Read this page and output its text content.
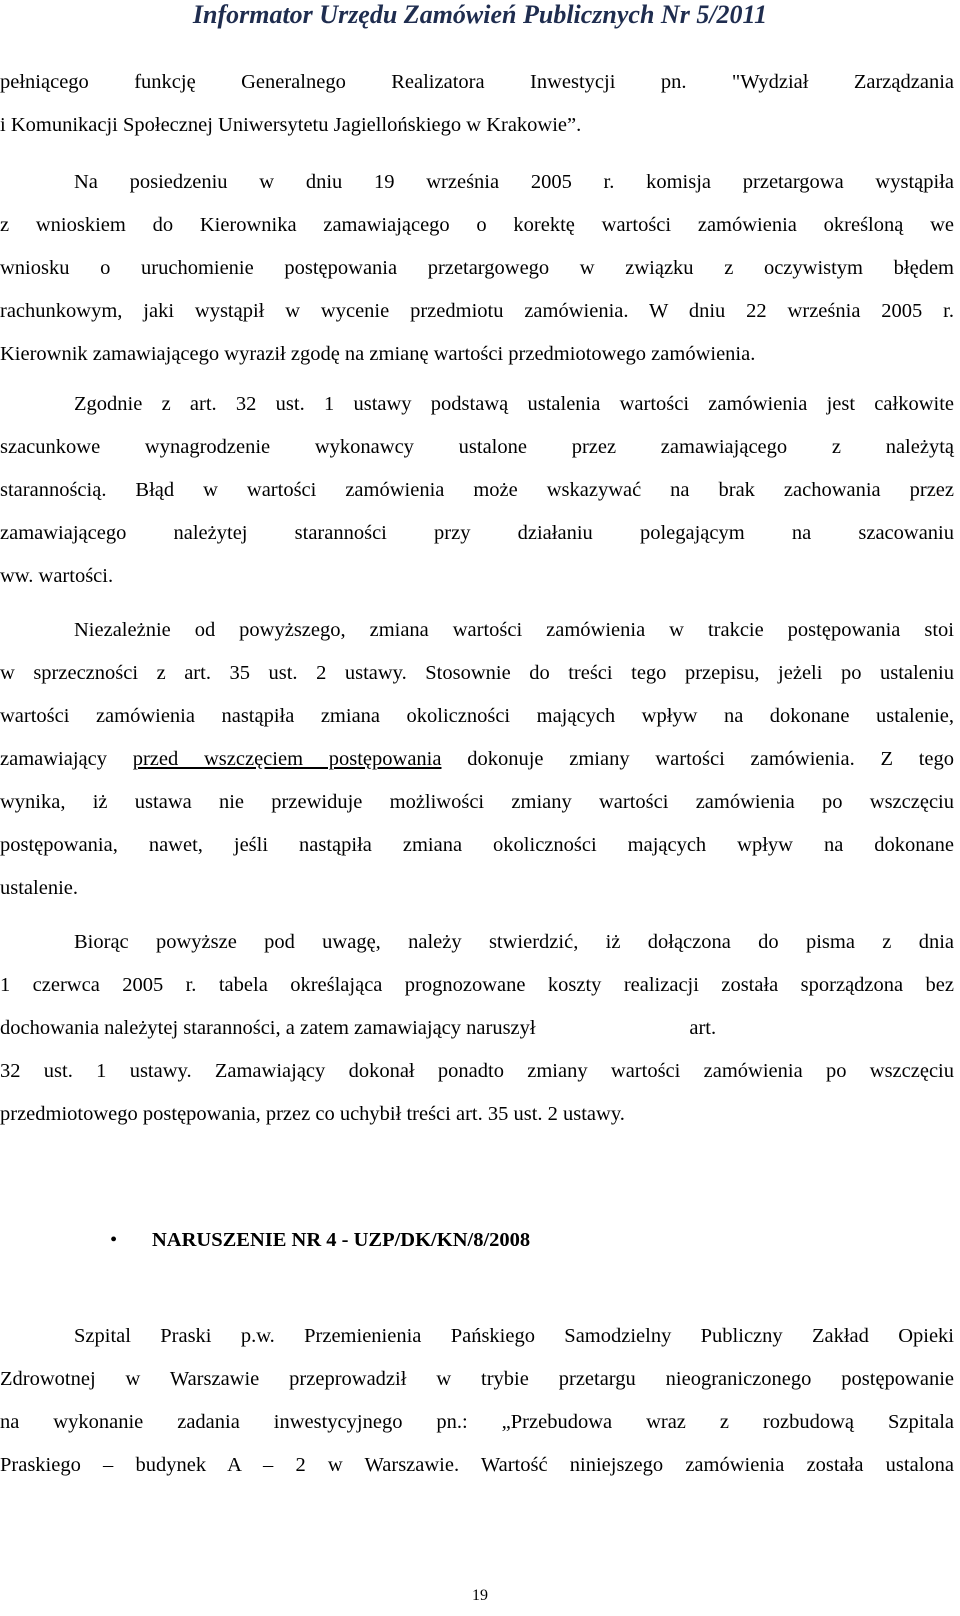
Informator Urzędu Zamówień Publicznych Nr 5/2011
pełniącego funkcję Generalnego Realizatora Inwestycji pn. "Wydział Zarządzania
i Komunikacji Społecznej Uniwersytetu Jagiellońskiego w Krakowie”.
Na posiedzeniu w dniu 19 września 2005 r. komisja przetargowa wystąpiła
z wnioskiem do Kierownika zamawiającego o korektę wartości zamówienia określoną we
wniosku o uruchomienie postępowania przetargowego w związku z oczywistym błędem
rachunkowym, jaki wystąpił w wycenie przedmiotu zamówienia. W dniu 22 września 2005 r.
Kierownik zamawiającego wyraził zgodę na zmianę wartości przedmiotowego zamówienia.
Zgodnie z art. 32 ust. 1 ustawy podstawą ustalenia wartości zamówienia jest całkowite
szacunkowe wynagrodzenie wykonawcy ustalone przez zamawiającego z należytą
starannością. Błąd w wartości zamówienia może wskazywać na brak zachowania przez
zamawiającego należytej staranności przy działaniu polegającym na szacowaniu
ww. wartości.
Niezależnie od powyższego, zmiana wartości zamówienia w trakcie postępowania stoi
w sprzeczności z art. 35 ust. 2 ustawy. Stosownie do treści tego przepisu, jeżeli po ustaleniu
wartości zamówienia nastąpiła zmiana okoliczności mających wpływ na dokonane ustalenie,
zamawiający przed wszczęciem postępowania dokonuje zmiany wartości zamówienia. Z tego
wynika, iż ustawa nie przewiduje możliwości zmiany wartości zamówienia po wszczęciu
postępowania, nawet, jeśli nastąpiła zmiana okoliczności mających wpływ na dokonane
ustalenie.
Biorąc powyższe pod uwagę, należy stwierdzić, iż dołączona do pisma z dnia
1 czerwca 2005 r. tabela określająca prognozowane koszty realizacji została sporządzona bez
dochowania należytej staranności, a zatem zamawiający naruszył                              art.
32 ust. 1 ustawy. Zamawiający dokonał ponadto zmiany wartości zamówienia po wszczęciu
przedmiotowego postępowania, przez co uchybił treści art. 35 ust. 2 ustawy.
• NARUSZENIE NR 4 - UZP/DK/KN/8/2008
Szpital Praski p.w. Przemienienia Pańskiego Samodzielny Publiczny Zakład Opieki
Zdrowotnej w Warszawie przeprowadził w trybie przetargu nieograniczonego postępowanie
na wykonanie zadania inwestycyjnego pn.: „Przebudowa wraz z rozbudową Szpitala
Praskiego – budynek A – 2 w Warszawie. Wartość niniejszego zamówienia została ustalona
19
